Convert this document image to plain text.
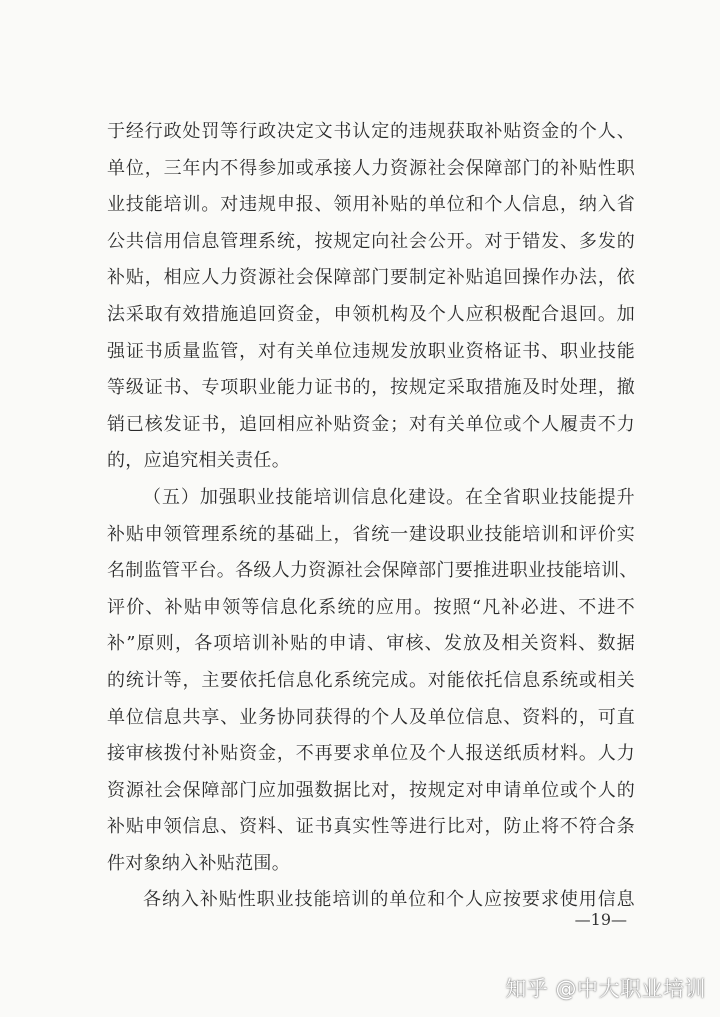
于经行政处罚等行政决定文书认定的违规获取补贴资金的个人、
单位，三年内不得参加或承接人力资源社会保障部门的补贴性职
业技能培训。对违规申报、领用补贴的单位和个人信息，纳入省
公共信用信息管理系统，按规定向社会公开。对于错发、多发的
补贴，相应人力资源社会保障部门要制定补贴追回操作办法，依
法采取有效措施追回资金，申领机构及个人应积极配合退回。加
强证书质量监管，对有关单位违规发放职业资格证书、职业技能
等级证书、专项职业能力证书的，按规定采取措施及时处理，撤
销已核发证书，追回相应补贴资金；对有关单位或个人履责不力
的，应追究相关责任。
（五）加强职业技能培训信息化建设。在全省职业技能提升
补贴申领管理系统的基础上，省统一建设职业技能培训和评价实
名制监管平台。各级人力资源社会保障部门要推进职业技能培训、
评价、补贴申领等信息化系统的应用。按照“凡补必进、不进不
补”原则，各项培训补贴的申请、审核、发放及相关资料、数据
的统计等，主要依托信息化系统完成。对能依托信息系统或相关
单位信息共享、业务协同获得的个人及单位信息、资料的，可直
接审核拨付补贴资金，不再要求单位及个人报送纸质材料。人力
资源社会保障部门应加强数据比对，按规定对申请单位或个人的
补贴申领信息、资料、证书真实性等进行比对，防止将不符合条
件对象纳入补贴范围。
各纳入补贴性职业技能培训的单位和个人应按要求使用信息
—19—
知乎 @中大职业培训
